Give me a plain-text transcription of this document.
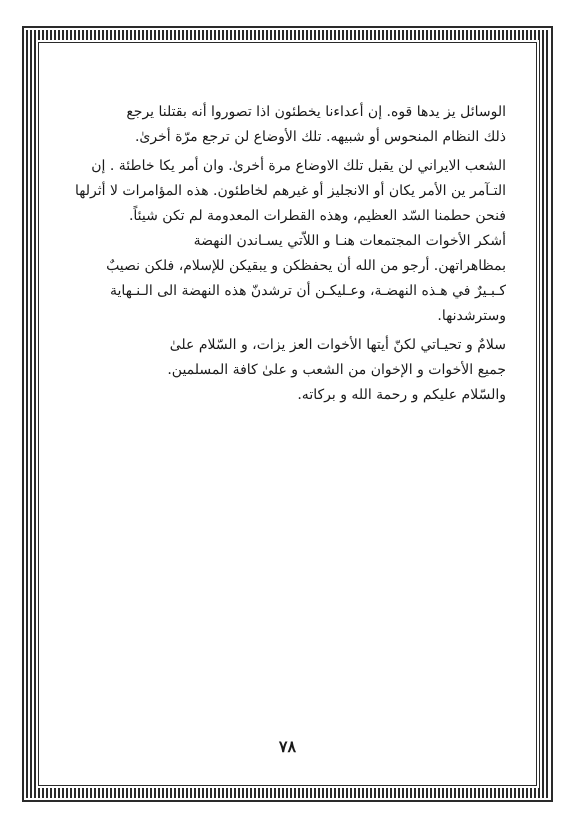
الوسائل يز يدها قوه. إن أعداءنا يخطئون اذا تصوروا أنه بقتلنا يرجع
ذلك النظام المنحوس أو شبيهه. تلك الأوضاع لن ترجع مرّة أخرىٰ.

الشعب الايراني لن يقبل تلك الاوضاع مرة أخرىٰ. وان أمر يكا خاطئة . إن
التـآمر ين الأمر يكان أو الانجليز أو غيرهم لخاطئون. هذه المؤامرات لا أثرلها
فنحن حطمنا السّد العظيم، وهذه القطرات المعدومة لم تكن شيئاً.

أشكر الأخوات المجتمعات هنـا و اللاّتي يسـاندن النهضة
بمظاهراتهن. أرجو من الله أن يحفظكن و يبقيكن للإسلام، فلكن نصيبٌ
كـبـيرٌ في هـذه النهضـة، وعـليكـن أن ترشدنّ هذه النهضة الى الـنـهاية
وسترشدنها.

سلامٌ و تحيـاتي لكنّ أيتها الأخوات العز يزات، و السّلام علىٰ
جميع الأخوات و الإخوان من الشعب و علىٰ كافة المسلمين.

والسّلام عليكم و رحمة الله و بركاته.

٧٨
